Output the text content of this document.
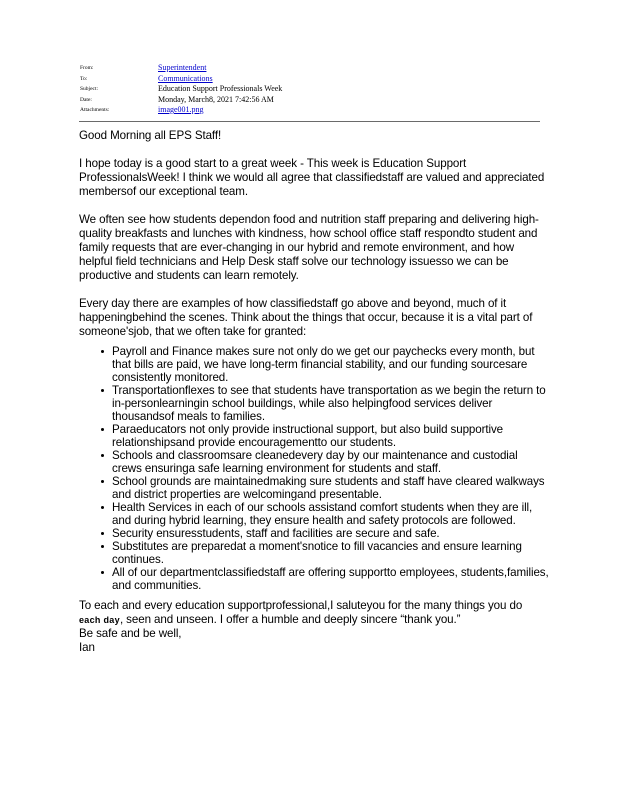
From:	Superintendent
To:	Communications
Subject:	Education Support Professionals Week
Date:	Monday, March8, 2021 7:42:56 AM
Attachments:	image001.png

Good Morning all EPS Staff!

I hope today is a good start to a great week - This week is Education Support ProfessionalsWeek! I think we would all agree that classifiedstaff are valued and appreciated membersof our exceptional team.

We often see how students dependon food and nutrition staff preparing and delivering high-quality breakfasts and lunches with kindness, how school office staff respondto student and family requests that are ever-changing in our hybrid and remote environment, and how helpful field technicians and Help Desk staff solve our technology issuesso we can be productive and students can learn remotely.

Every day there are examples of how classifiedstaff go above and beyond, much of it happeningbehind the scenes. Think about the things that occur, because it is a vital part of someone'sjob, that we often take for granted:

Payroll and Finance makes sure not only do we get our paychecks every month, but that bills are paid, we have long-term financial stability, and our funding sourcesare consistently monitored.
Transportationflexes to see that students have transportation as we begin the return to in-personlearningin school buildings, while also helpingfood services deliver thousandsof meals to families.
Paraeducators not only provide instructional support, but also build supportive relationshipsand provide encouragementto our students.
Schools and classroomsare cleanedevery day by our maintenance and custodial crews ensuringa safe learning environment for students and staff.
School grounds are maintainedmaking sure students and staff have cleared walkways and district properties are welcomingand presentable.
Health Services in each of our schools assistand comfort students when they are ill, and during hybrid learning, they ensure health and safety protocols are followed.
Security ensuresstudents, staff and facilities are secure and safe.
Substitutes are preparedat a moment'snotice to fill vacancies and ensure learning continues.
All of our departmentclassifiedstaff are offering supportto employees, students,families, and communities.

To each and every education supportprofessional,I saluteyou for the many things you doeach day, seen and unseen. I offer a humble and deeply sincere “thank you.”

Be safe and be well,

Ian
